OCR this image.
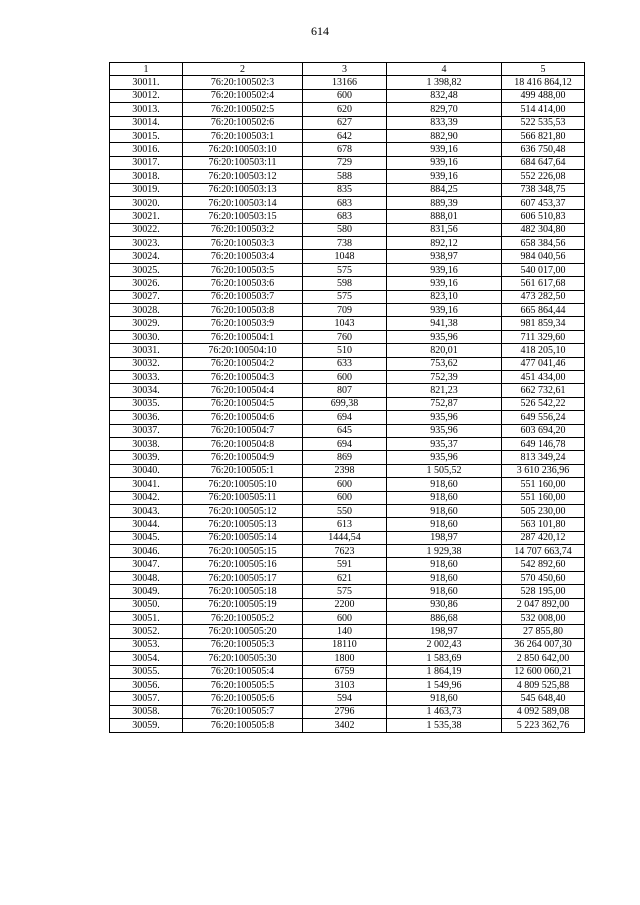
614
1	2	3	4	5
30011.	76:20:100502:3	13166	1 398,82	18 416 864,12
30012.	76:20:100502:4	600	832,48	499 488,00
30013.	76:20:100502:5	620	829,70	514 414,00
30014.	76:20:100502:6	627	833,39	522 535,53
30015.	76:20:100503:1	642	882,90	566 821,80
30016.	76:20:100503:10	678	939,16	636 750,48
30017.	76:20:100503:11	729	939,16	684 647,64
30018.	76:20:100503:12	588	939,16	552 226,08
30019.	76:20:100503:13	835	884,25	738 348,75
30020.	76:20:100503:14	683	889,39	607 453,37
30021.	76:20:100503:15	683	888,01	606 510,83
30022.	76:20:100503:2	580	831,56	482 304,80
30023.	76:20:100503:3	738	892,12	658 384,56
30024.	76:20:100503:4	1048	938,97	984 040,56
30025.	76:20:100503:5	575	939,16	540 017,00
30026.	76:20:100503:6	598	939,16	561 617,68
30027.	76:20:100503:7	575	823,10	473 282,50
30028.	76:20:100503:8	709	939,16	665 864,44
30029.	76:20:100503:9	1043	941,38	981 859,34
30030.	76:20:100504:1	760	935,96	711 329,60
30031.	76:20:100504:10	510	820,01	418 205,10
30032.	76:20:100504:2	633	753,62	477 041,46
30033.	76:20:100504:3	600	752,39	451 434,00
30034.	76:20:100504:4	807	821,23	662 732,61
30035.	76:20:100504:5	699,38	752,87	526 542,22
30036.	76:20:100504:6	694	935,96	649 556,24
30037.	76:20:100504:7	645	935,96	603 694,20
30038.	76:20:100504:8	694	935,37	649 146,78
30039.	76:20:100504:9	869	935,96	813 349,24
30040.	76:20:100505:1	2398	1 505,52	3 610 236,96
30041.	76:20:100505:10	600	918,60	551 160,00
30042.	76:20:100505:11	600	918,60	551 160,00
30043.	76:20:100505:12	550	918,60	505 230,00
30044.	76:20:100505:13	613	918,60	563 101,80
30045.	76:20:100505:14	1444,54	198,97	287 420,12
30046.	76:20:100505:15	7623	1 929,38	14 707 663,74
30047.	76:20:100505:16	591	918,60	542 892,60
30048.	76:20:100505:17	621	918,60	570 450,60
30049.	76:20:100505:18	575	918,60	528 195,00
30050.	76:20:100505:19	2200	930,86	2 047 892,00
30051.	76:20:100505:2	600	886,68	532 008,00
30052.	76:20:100505:20	140	198,97	27 855,80
30053.	76:20:100505:3	18110	2 002,43	36 264 007,30
30054.	76:20:100505:30	1800	1 583,69	2 850 642,00
30055.	76:20:100505:4	6759	1 864,19	12 600 060,21
30056.	76:20:100505:5	3103	1 549,96	4 809 525,88
30057.	76:20:100505:6	594	918,60	545 648,40
30058.	76:20:100505:7	2796	1 463,73	4 092 589,08
30059.	76:20:100505:8	3402	1 535,38	5 223 362,76
